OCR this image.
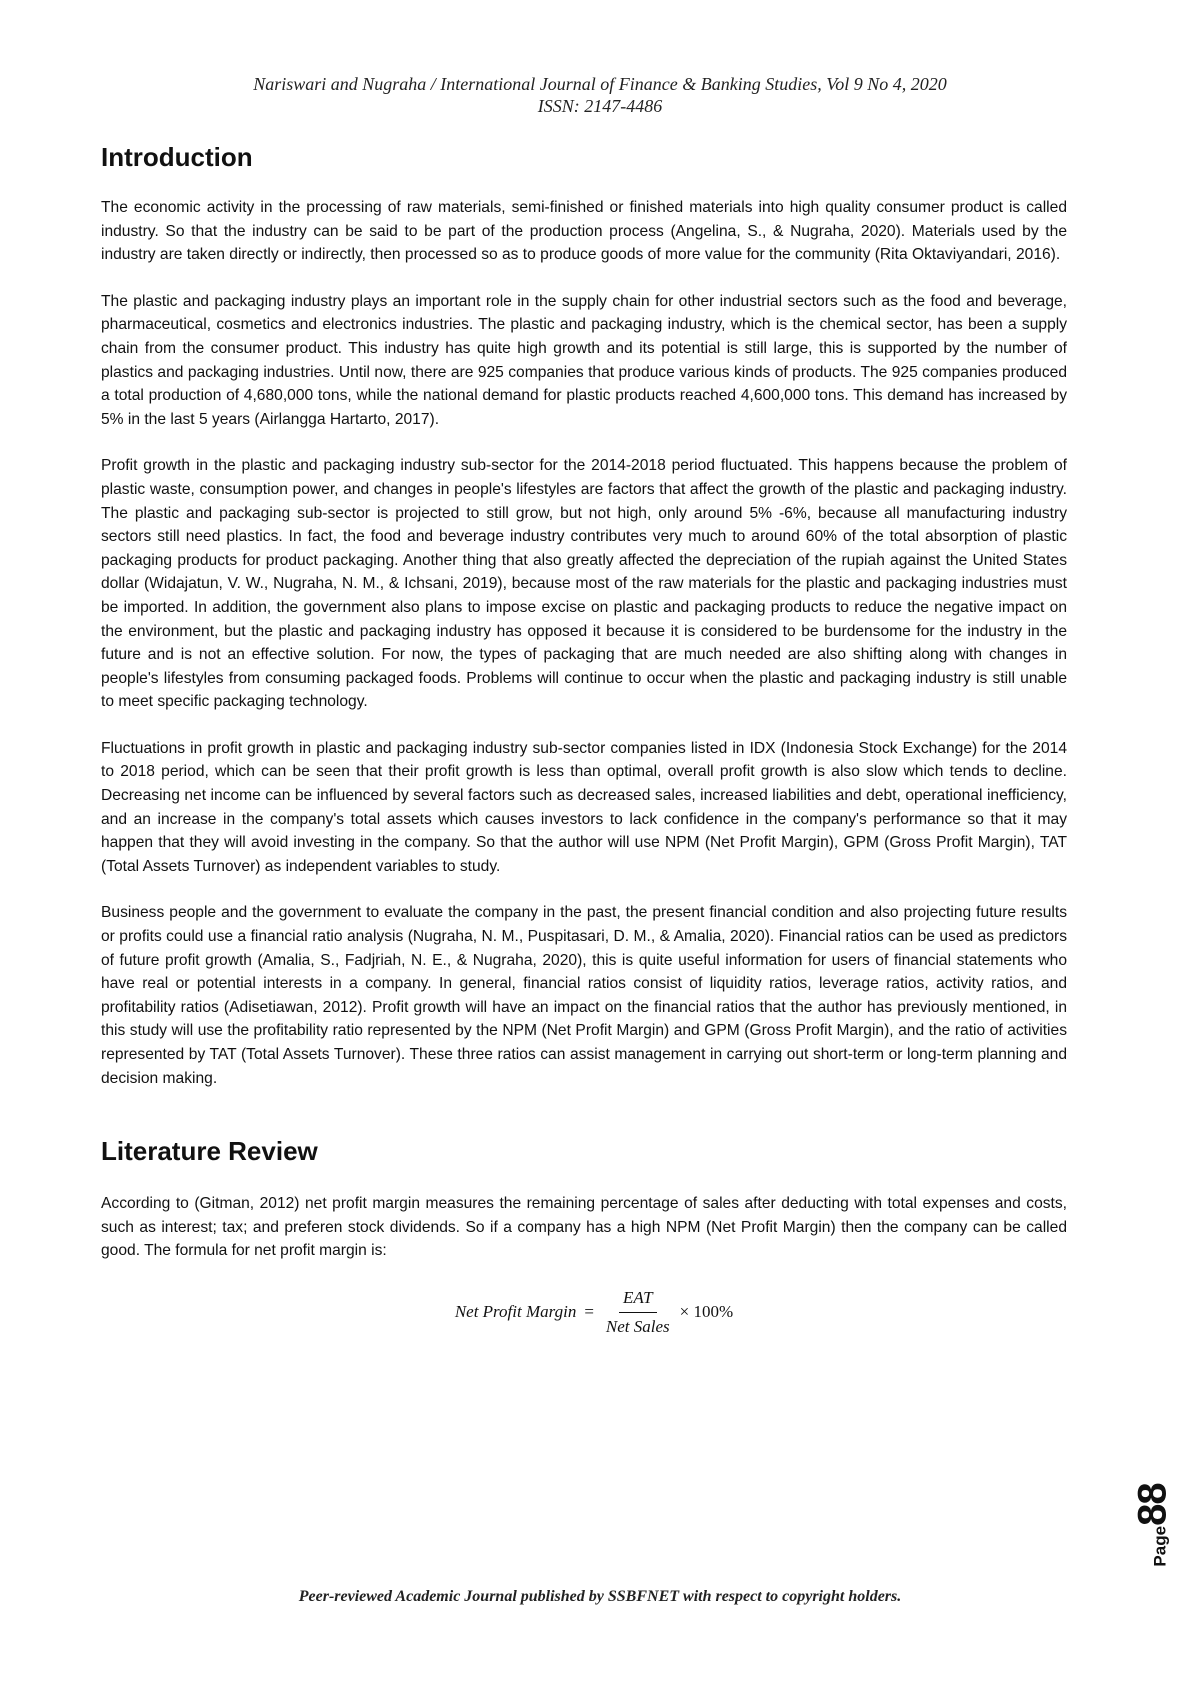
Nariswari and Nugraha / International Journal of Finance & Banking Studies, Vol 9 No 4, 2020
ISSN: 2147-4486
Introduction

The economic activity in the processing of raw materials, semi-finished or finished materials into high quality consumer product is called industry. So that the industry can be said to be part of the production process (Angelina, S., & Nugraha, 2020). Materials used by the industry are taken directly or indirectly, then processed so as to produce goods of more value for the community (Rita Oktaviyandari, 2016).

The plastic and packaging industry plays an important role in the supply chain for other industrial sectors such as the food and beverage, pharmaceutical, cosmetics and electronics industries. The plastic and packaging industry, which is the chemical sector, has been a supply chain from the consumer product. This industry has quite high growth and its potential is still large, this is supported by the number of plastics and packaging industries. Until now, there are 925 companies that produce various kinds of products. The 925 companies produced a total production of 4,680,000 tons, while the national demand for plastic products reached 4,600,000 tons. This demand has increased by 5% in the last 5 years (Airlangga Hartarto, 2017).

Profit growth in the plastic and packaging industry sub-sector for the 2014-2018 period fluctuated. This happens because the problem of plastic waste, consumption power, and changes in people's lifestyles are factors that affect the growth of the plastic and packaging industry. The plastic and packaging sub-sector is projected to still grow, but not high, only around 5% -6%, because all manufacturing industry sectors still need plastics. In fact, the food and beverage industry contributes very much to around 60% of the total absorption of plastic packaging products for product packaging. Another thing that also greatly affected the depreciation of the rupiah against the United States dollar (Widajatun, V. W., Nugraha, N. M., & Ichsani, 2019), because most of the raw materials for the plastic and packaging industries must be imported. In addition, the government also plans to impose excise on plastic and packaging products to reduce the negative impact on the environment, but the plastic and packaging industry has opposed it because it is considered to be burdensome for the industry in the future and is not an effective solution. For now, the types of packaging that are much needed are also shifting along with changes in people's lifestyles from consuming packaged foods. Problems will continue to occur when the plastic and packaging industry is still unable to meet specific packaging technology.

Fluctuations in profit growth in plastic and packaging industry sub-sector companies listed in IDX (Indonesia Stock Exchange) for the 2014 to 2018 period, which can be seen that their profit growth is less than optimal, overall profit growth is also slow which tends to decline. Decreasing net income can be influenced by several factors such as decreased sales, increased liabilities and debt, operational inefficiency, and an increase in the company's total assets which causes investors to lack confidence in the company's performance so that it may happen that they will avoid investing in the company. So that the author will use NPM (Net Profit Margin), GPM (Gross Profit Margin), TAT (Total Assets Turnover) as independent variables to study.

Business people and the government to evaluate the company in the past, the present financial condition and also projecting future results or profits could use a financial ratio analysis (Nugraha, N. M., Puspitasari, D. M., & Amalia, 2020). Financial ratios can be used as predictors of future profit growth (Amalia, S., Fadjriah, N. E., & Nugraha, 2020), this is quite useful information for users of financial statements who have real or potential interests in a company. In general, financial ratios consist of liquidity ratios, leverage ratios, activity ratios, and profitability ratios (Adisetiawan, 2012). Profit growth will have an impact on the financial ratios that the author has previously mentioned, in this study will use the profitability ratio represented by the NPM (Net Profit Margin) and GPM (Gross Profit Margin), and the ratio of activities represented by TAT (Total Assets Turnover). These three ratios can assist management in carrying out short-term or long-term planning and decision making.

Literature Review

According to (Gitman, 2012) net profit margin measures the remaining percentage of sales after deducting with total expenses and costs, such as interest; tax; and preferen stock dividends. So if a company has a high NPM (Net Profit Margin) then the company can be called good. The formula for net profit margin is:

Net Profit Margin = $\frac{\text{EAT}}{\text{Net Sales}} \times 100\%$
Page88
Peer-reviewed Academic Journal published by SSBFNET with respect to copyright holders.
